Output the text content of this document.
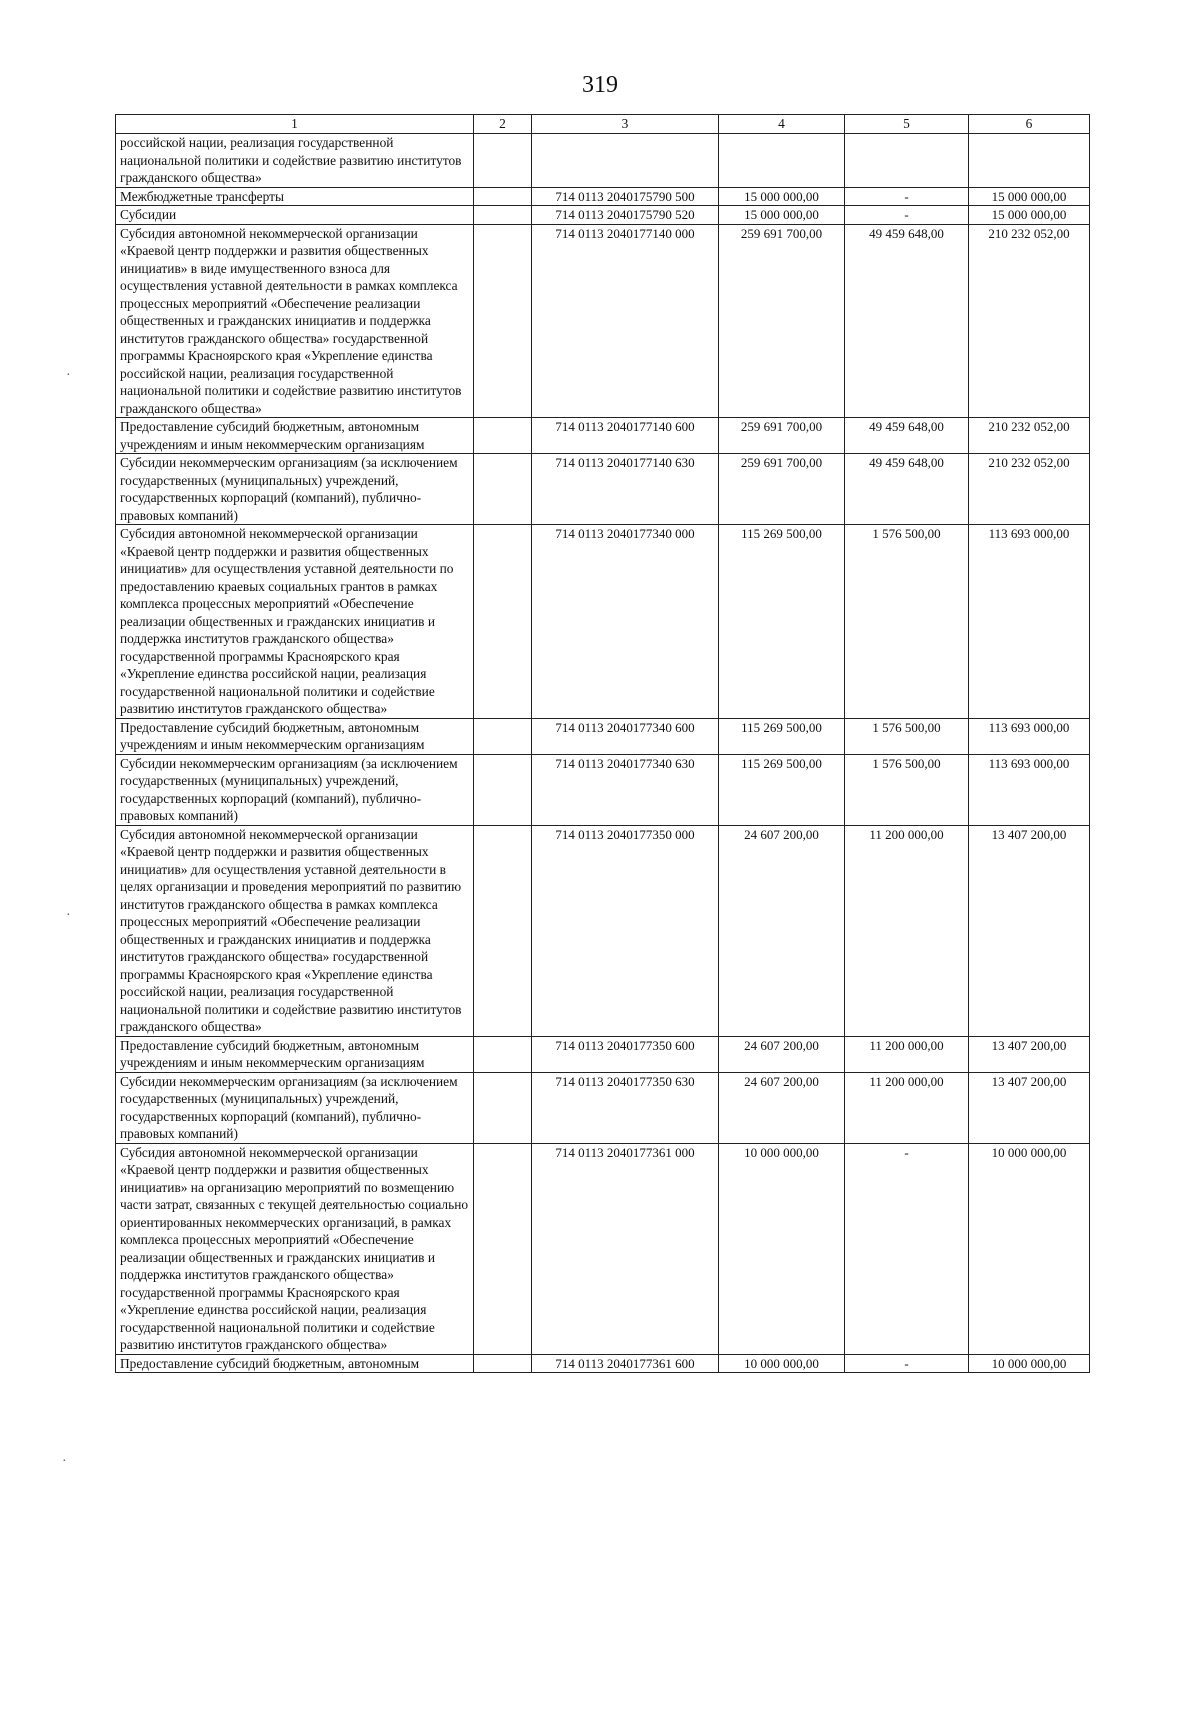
319
1	2	3	4	5	6
российской нации, реализация государственной национальной политики и содействие развитию институтов гражданского общества»					
Межбюджетные трансферты		714 0113 2040175790 500	15 000 000,00	-	15 000 000,00
Субсидии		714 0113 2040175790 520	15 000 000,00	-	15 000 000,00
Субсидия автономной некоммерческой организации «Краевой центр поддержки и развития общественных инициатив» в виде имущественного взноса для осуществления уставной деятельности в рамках комплекса процессных мероприятий «Обеспечение реализации общественных и гражданских инициатив и поддержка институтов гражданского общества» государственной программы Красноярского края «Укрепление единства российской нации, реализация государственной национальной политики и содействие развитию институтов гражданского общества»		714 0113 2040177140 000	259 691 700,00	49 459 648,00	210 232 052,00
Предоставление субсидий бюджетным, автономным учреждениям и иным некоммерческим организациям		714 0113 2040177140 600	259 691 700,00	49 459 648,00	210 232 052,00
Субсидии некоммерческим организациям (за исключением государственных (муниципальных) учреждений, государственных корпораций (компаний), публично-правовых компаний)		714 0113 2040177140 630	259 691 700,00	49 459 648,00	210 232 052,00
Субсидия автономной некоммерческой организации «Краевой центр поддержки и развития общественных инициатив» для осуществления уставной деятельности по предоставлению краевых социальных грантов в рамках комплекса процессных мероприятий «Обеспечение реализации общественных и гражданских инициатив и поддержка институтов гражданского общества» государственной программы Красноярского края «Укрепление единства российской нации, реализация государственной национальной политики и содействие развитию институтов гражданского общества»		714 0113 2040177340 000	115 269 500,00	1 576 500,00	113 693 000,00
Предоставление субсидий бюджетным, автономным учреждениям и иным некоммерческим организациям		714 0113 2040177340 600	115 269 500,00	1 576 500,00	113 693 000,00
Субсидии некоммерческим организациям (за исключением государственных (муниципальных) учреждений, государственных корпораций (компаний), публично-правовых компаний)		714 0113 2040177340 630	115 269 500,00	1 576 500,00	113 693 000,00
Субсидия автономной некоммерческой организации «Краевой центр поддержки и развития общественных инициатив» для осуществления уставной деятельности в целях организации и проведения мероприятий по развитию институтов гражданского общества в рамках комплекса процессных мероприятий «Обеспечение реализации общественных и гражданских инициатив и поддержка институтов гражданского общества» государственной программы Красноярского края «Укрепление единства российской нации, реализация государственной национальной политики и содействие развитию институтов гражданского общества»		714 0113 2040177350 000	24 607 200,00	11 200 000,00	13 407 200,00
Предоставление субсидий бюджетным, автономным учреждениям и иным некоммерческим организациям		714 0113 2040177350 600	24 607 200,00	11 200 000,00	13 407 200,00
Субсидии некоммерческим организациям (за исключением государственных (муниципальных) учреждений, государственных корпораций (компаний), публично-правовых компаний)		714 0113 2040177350 630	24 607 200,00	11 200 000,00	13 407 200,00
Субсидия автономной некоммерческой организации «Краевой центр поддержки и развития общественных инициатив» на организацию мероприятий по возмещению части затрат, связанных с текущей деятельностью социально ориентированных некоммерческих организаций, в рамках комплекса процессных мероприятий «Обеспечение реализации общественных и гражданских инициатив и поддержка институтов гражданского общества» государственной программы Красноярского края «Укрепление единства российской нации, реализация государственной национальной политики и содействие развитию институтов гражданского общества»		714 0113 2040177361 000	10 000 000,00	-	10 000 000,00
Предоставление субсидий бюджетным, автономным		714 0113 2040177361 600	10 000 000,00	-	10 000 000,00
·
·
·
